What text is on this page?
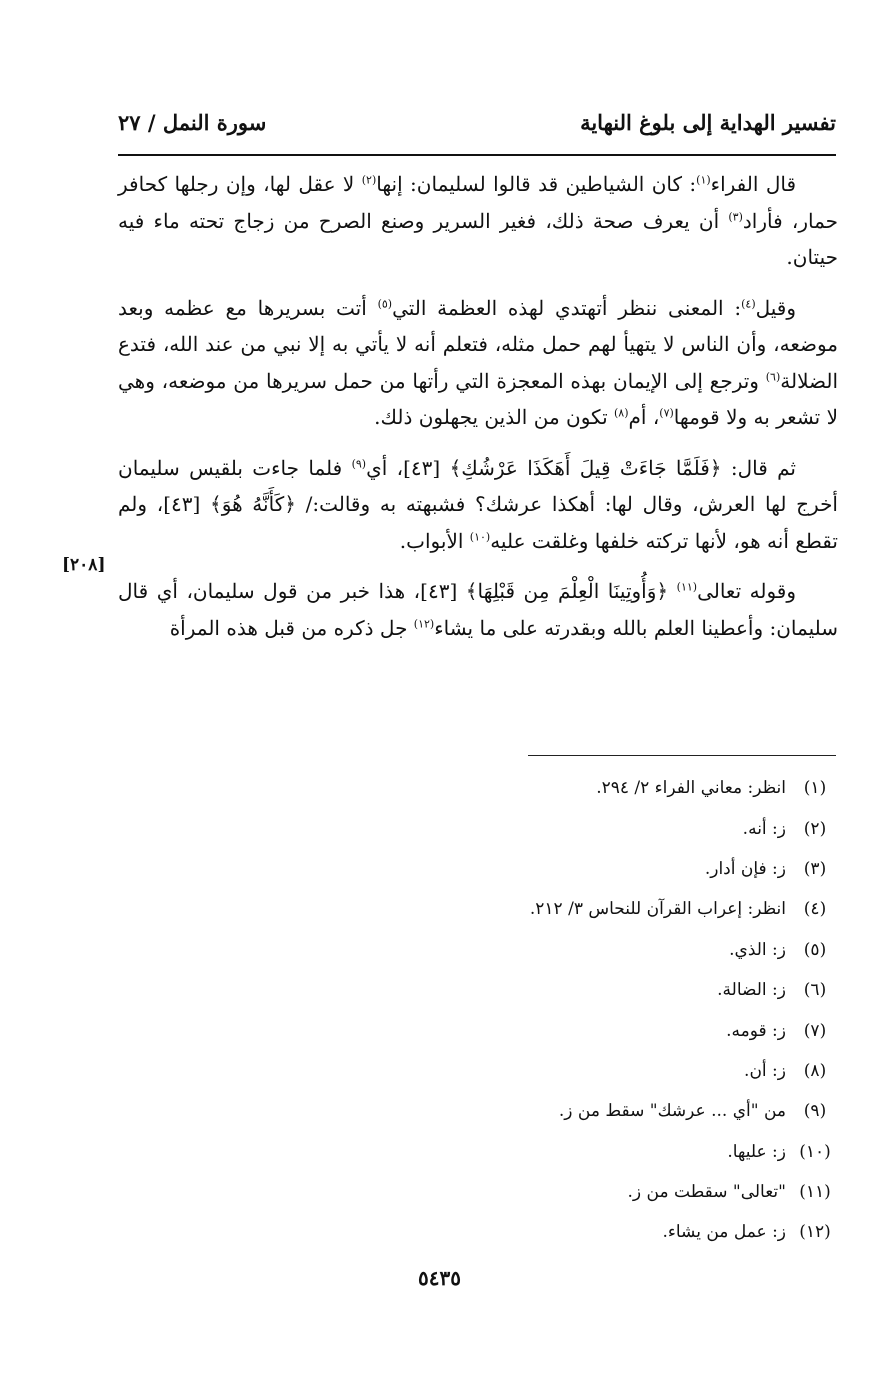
تفسير الهداية إلى بلوغ النهاية
سورة النمل / ٢٧

قال الفراء$^{(١)}$: كان الشياطين قد قالوا لسليمان: إنها$^{(٢)}$ لا عقل لها، وإن رجلها كحافر حمار، فأراد$^{(٣)}$ أن يعرف صحة ذلك، فغير السرير وصنع الصرح من زجاج تحته ماء فيه حيتان.

وقيل$^{(٤)}$: المعنى ننظر أتهتدي لهذه العظمة التي$^{(٥)}$ أتت بسريرها مع عظمه وبعد موضعه، وأن الناس لا يتهيأ لهم حمل مثله، فتعلم أنه لا يأتي به إلا نبي من عند الله، فتدع الضلالة$^{(٦)}$ وترجع إلى الإيمان بهذه المعجزة التي رأتها من حمل سريرها من موضعه، وهي لا تشعر به ولا قومها$^{(٧)}$، أم$^{(٨)}$ تكون من الذين يجهلون ذلك.

ثم قال: ﴿فَلَمَّا جَاءَتْ قِيلَ أَهَكَذَا عَرْشُكِ﴾ [٤٣]، أي$^{(٩)}$ فلما جاءت بلقيس سليمان أخرج لها العرش، وقال لها: أهكذا عرشك؟ فشبهته به وقالت:/ ﴿كَأَنَّهُ هُوَ﴾ [٤٣]، ولم تقطع أنه هو، لأنها تركته خلفها وغلقت عليه$^{(١٠)}$ الأبواب.

وقوله تعالى$^{(١١)}$ ﴿وَأُوتِينَا الْعِلْمَ مِن قَبْلِهَا﴾ [٤٣]، هذا خبر من قول سليمان، أي قال سليمان: وأعطينا العلم بالله وبقدرته على ما يشاء$^{(١٢)}$ جل ذكره من قبل هذه المرأة

[٢٠٨]
(١)
انظر: معاني الفراء ٢/ ٢٩٤.
(٢)
ز: أنه.
(٣)
ز: فإن أدار.
(٤)
انظر: إعراب القرآن للنحاس ٣/ ٢١٢.
(٥)
ز: الذي.
(٦)
ز: الضالة.
(٧)
ز: قومه.
(٨)
ز: أن.
(٩)
من "أي ... عرشك" سقط من ز.
(١٠)
ز: عليها.
(١١)
"تعالى" سقطت من ز.
(١٢)
ز: عمل من يشاء.
٥٤٣٥
